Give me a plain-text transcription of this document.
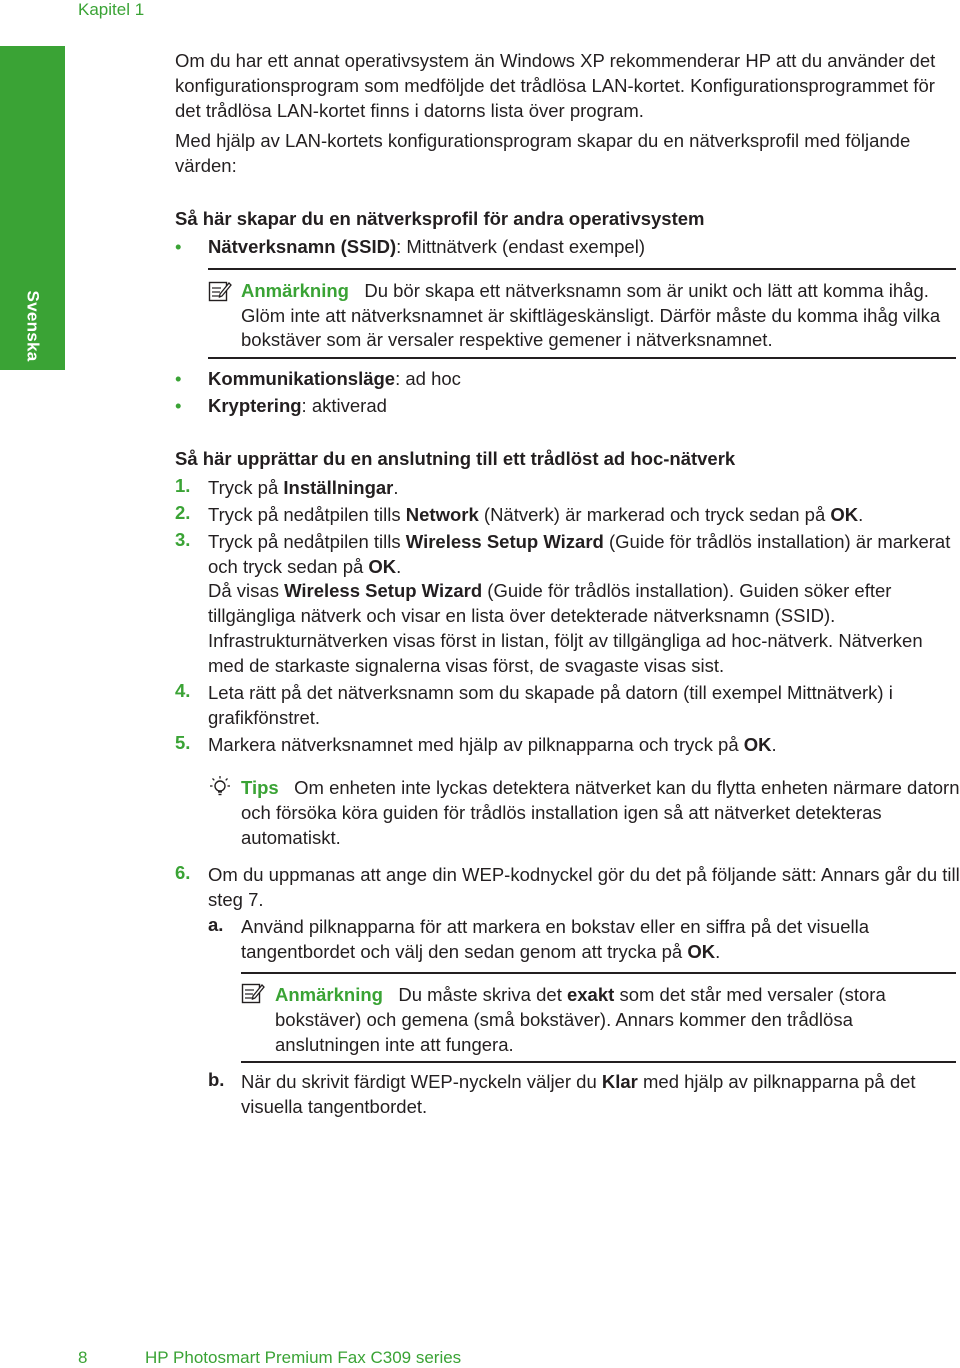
Kapitel 1
Svenska
Om du har ett annat operativsystem än Windows XP rekommenderar HP att du använder det konfigurationsprogram som medföljde det trådlösa LAN-kortet. Konfigurationsprogrammet för det trådlösa LAN-kortet finns i datorns lista över program.
Med hjälp av LAN-kortets konfigurationsprogram skapar du en nätverksprofil med följande värden:
Så här skapar du en nätverksprofil för andra operativsystem
• Nätverksnamn (SSID): Mittnätverk (endast exempel)
Anmärkning Du bör skapa ett nätverksnamn som är unikt och lätt att komma ihåg. Glöm inte att nätverksnamnet är skiftlägeskänsligt. Därför måste du komma ihåg vilka bokstäver som är versaler respektive gemener i nätverksnamnet.
• Kommunikationsläge: ad hoc
• Kryptering: aktiverad
Så här upprättar du en anslutning till ett trådlöst ad hoc-nätverk
1. Tryck på Inställningar.
2. Tryck på nedåtpilen tills Network (Nätverk) är markerad och tryck sedan på OK.
3. Tryck på nedåtpilen tills Wireless Setup Wizard (Guide för trådlös installation) är markerat och tryck sedan på OK.
Då visas Wireless Setup Wizard (Guide för trådlös installation). Guiden söker efter tillgängliga nätverk och visar en lista över detekterade nätverksnamn (SSID). Infrastrukturnätverken visas först in listan, följt av tillgängliga ad hoc-nätverk. Nätverken med de starkaste signalerna visas först, de svagaste visas sist.
4. Leta rätt på det nätverksnamn som du skapade på datorn (till exempel Mittnätverk) i grafikfönstret.
5. Markera nätverksnamnet med hjälp av pilknapparna och tryck på OK.
Tips Om enheten inte lyckas detektera nätverket kan du flytta enheten närmare datorn och försöka köra guiden för trådlös installation igen så att nätverket detekteras automatiskt.
6. Om du uppmanas att ange din WEP-kodnyckel gör du det på följande sätt: Annars går du till steg 7.
a. Använd pilknapparna för att markera en bokstav eller en siffra på det visuella tangentbordet och välj den sedan genom att trycka på OK.
Anmärkning Du måste skriva det exakt som det står med versaler (stora bokstäver) och gemena (små bokstäver). Annars kommer den trådlösa anslutningen inte att fungera.
b. När du skrivit färdigt WEP-nyckeln väljer du Klar med hjälp av pilknapparna på det visuella tangentbordet.
8	HP Photosmart Premium Fax C309 series
